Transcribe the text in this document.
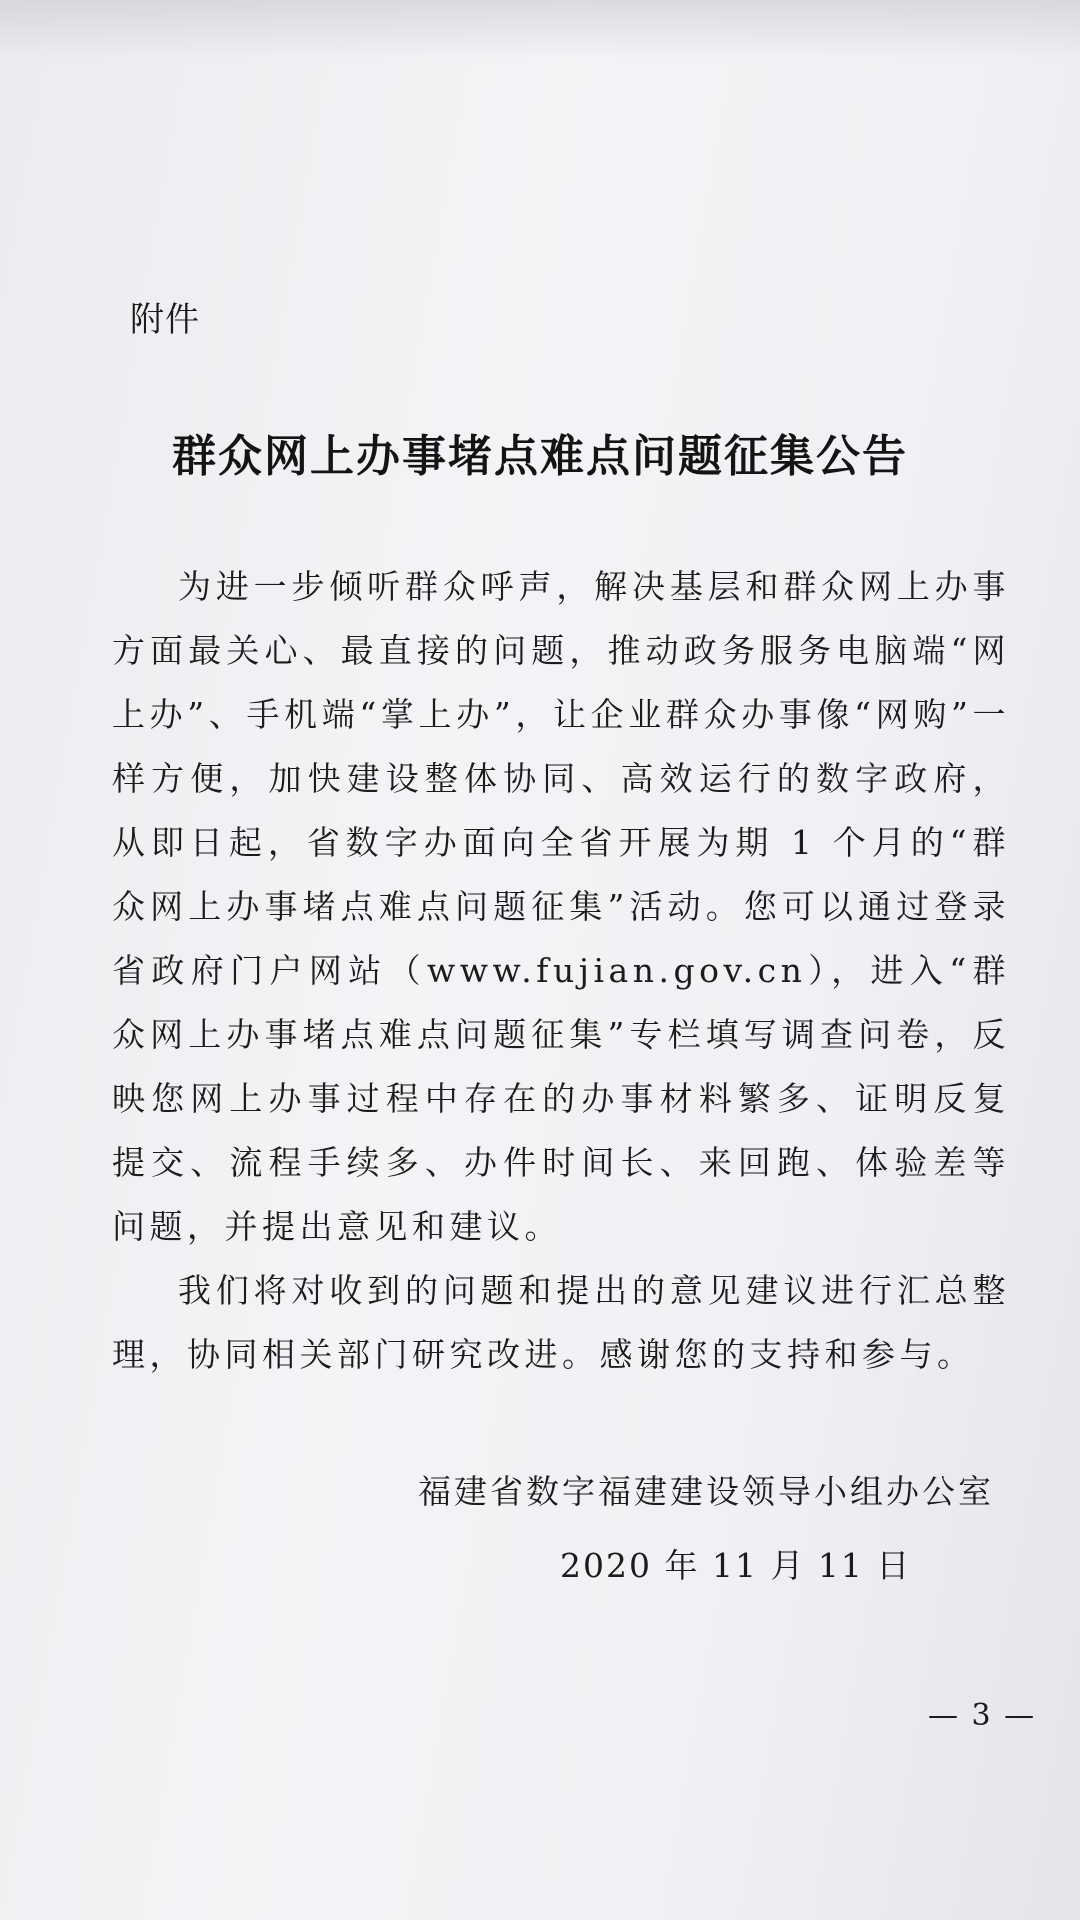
附件
群众网上办事堵点难点问题征集公告

为进一步倾听群众呼声，解决基层和群众网上办事方面最关心、最直接的问题，推动政务服务电脑端“网上办”、手机端“掌上办”，让企业群众办事像“网购”一样方便，加快建设整体协同、高效运行的数字政府，从即日起，省数字办面向全省开展为期 1 个月的“群众网上办事堵点难点问题征集”活动。您可以通过登录省政府门户网站（www.fujian.gov.cn），进入“群众网上办事堵点难点问题征集”专栏填写调查问卷，反映您网上办事过程中存在的办事材料繁多、证明反复提交、流程手续多、办件时间长、来回跑、体验差等问题，并提出意见和建议。

我们将对收到的问题和提出的意见建议进行汇总整理，协同相关部门研究改进。感谢您的支持和参与。

福建省数字福建建设领导小组办公室
2020 年 11 月 11 日
— 3 —
